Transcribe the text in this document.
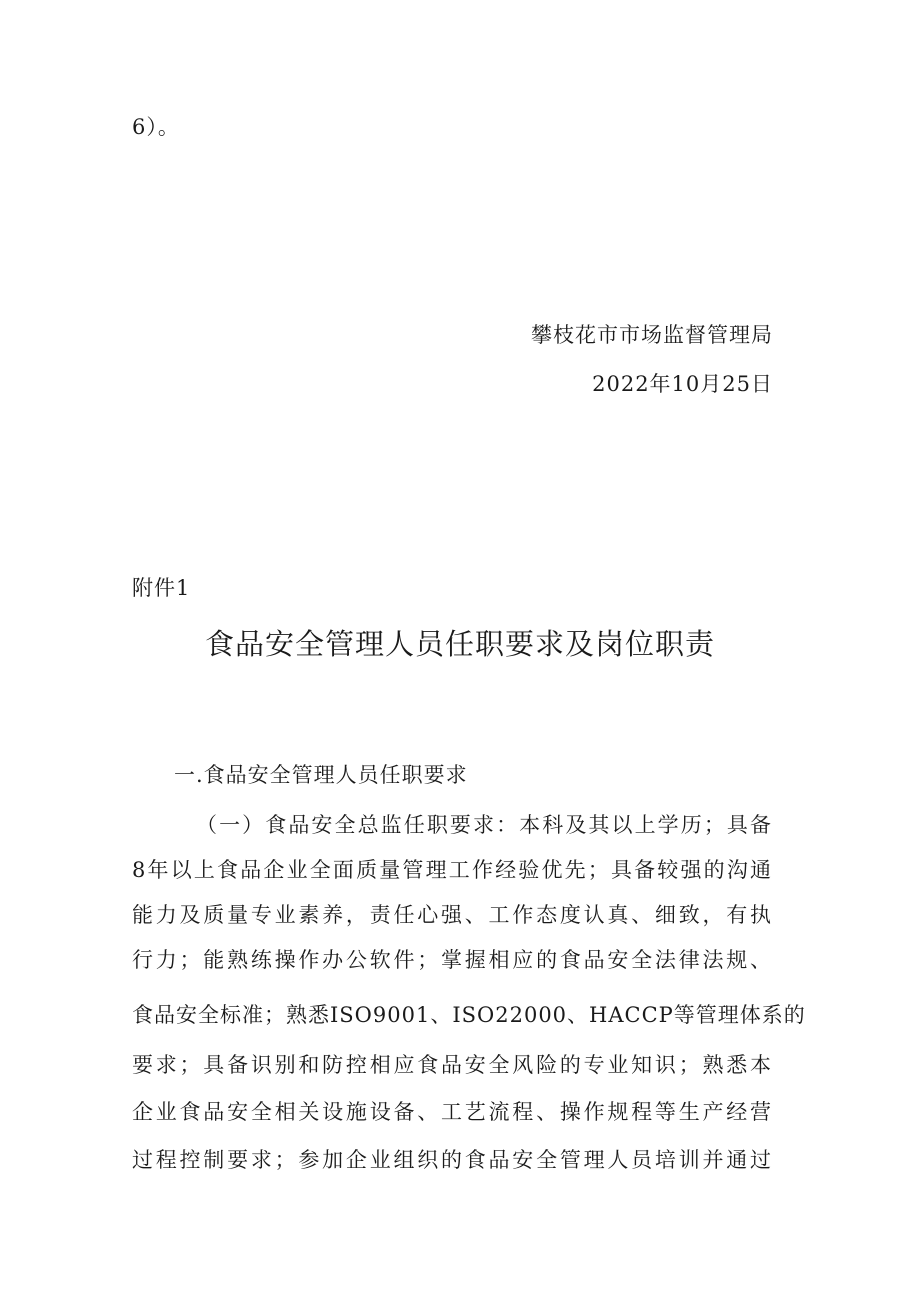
6）。
攀枝花市市场监督管理局
2022年10月25日
附件1
食品安全管理人员任职要求及岗位职责
一.食品安全管理人员任职要求
（一）食品安全总监任职要求：本科及其以上学历；具备
8年以上食品企业全面质量管理工作经验优先；具备较强的沟通
能力及质量专业素养，责任心强、工作态度认真、细致，有执
行力；能熟练操作办公软件；掌握相应的食品安全法律法规、
食品安全标准；熟悉ISO9001、ISO22000、HACCP等管理体系的
要求；具备识别和防控相应食品安全风险的专业知识；熟悉本
企业食品安全相关设施设备、工艺流程、操作规程等生产经营
过程控制要求；参加企业组织的食品安全管理人员培训并通过
